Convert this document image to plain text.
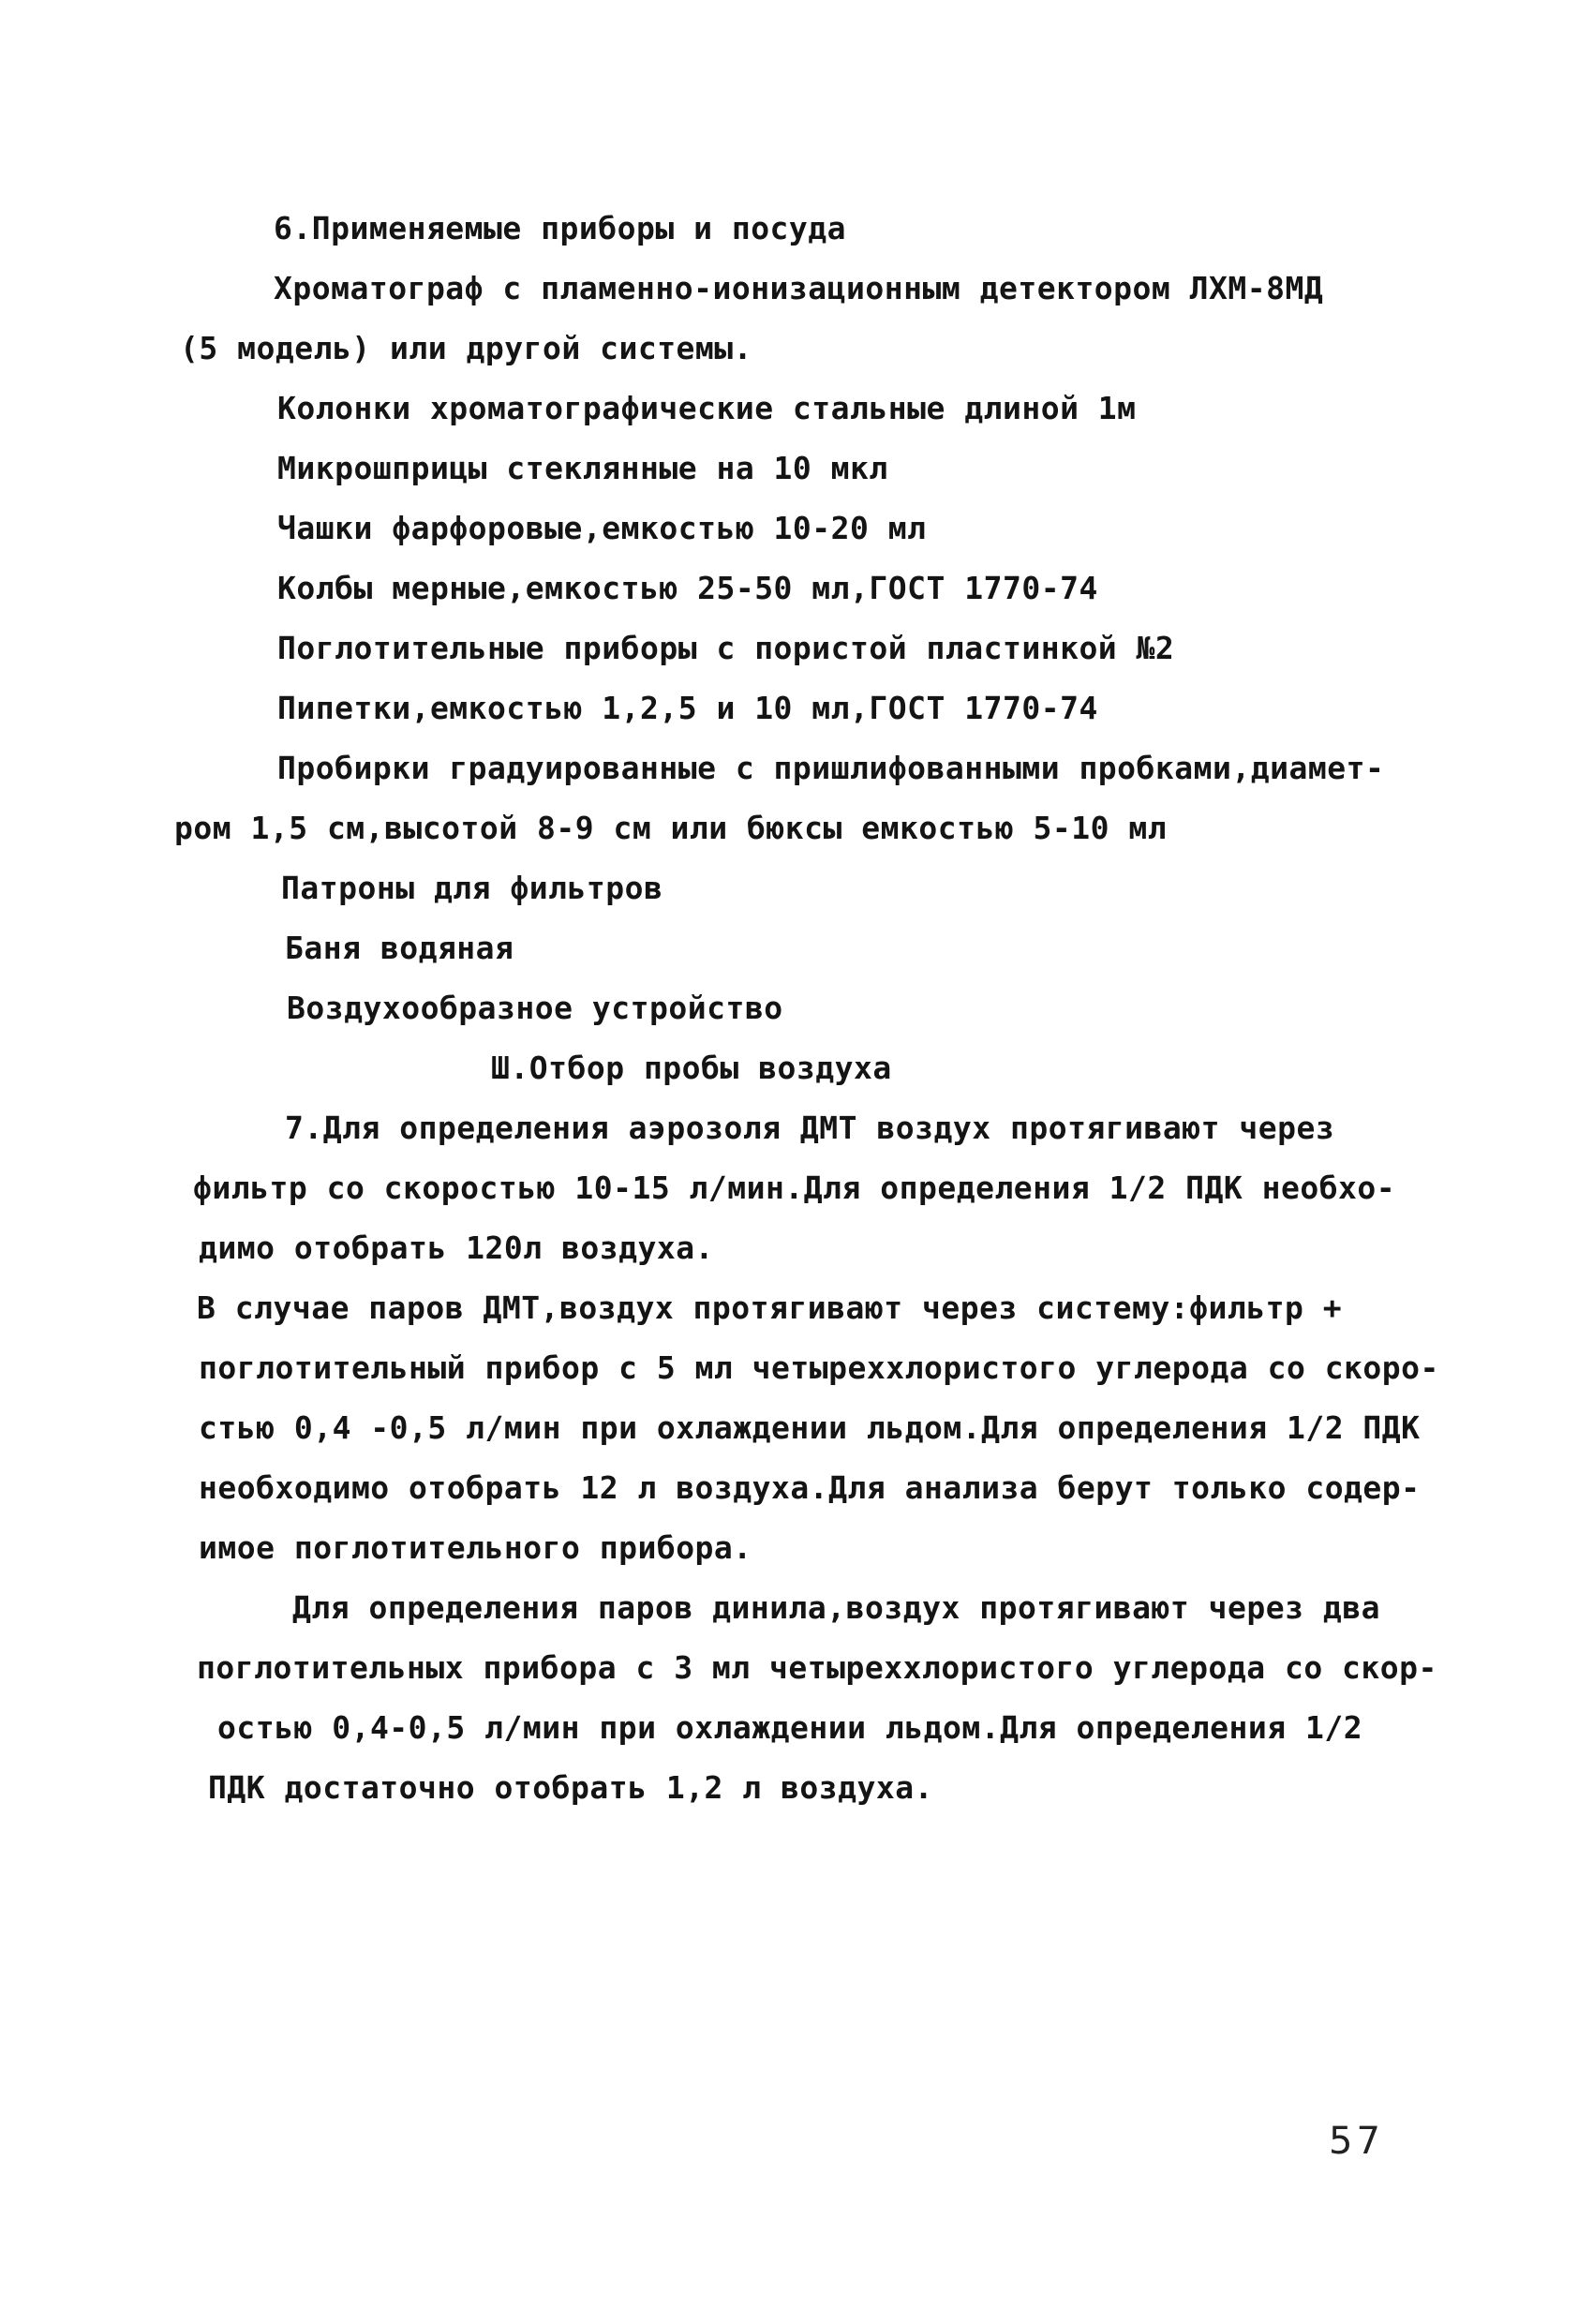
6.Применяемые приборы и посуда
Хроматограф с пламенно-ионизационным детектором ЛХМ-8МД
(5 модель) или другой системы.
Колонки хроматографические стальные длиной 1м
Микрошприцы стеклянные на 10 мкл
Чашки фарфоровые,емкостью 10-20 мл
Колбы мерные,емкостью 25-50 мл,ГОСТ 1770-74
Поглотительные приборы с пористой пластинкой №2
Пипетки,емкостью 1,2,5 и 10 мл,ГОСТ 1770-74
Пробирки градуированные с пришлифованными пробками,диамет-
ром 1,5 см,высотой 8-9 см или бюксы емкостью 5-10 мл
Патроны для фильтров
Баня водяная
Воздухообразное устройство
Ш.Отбор пробы воздуха
7.Для определения аэрозоля ДМТ воздух протягивают через
фильтр со скоростью 10-15 л/мин.Для определения 1/2 ПДК необхо-
димо отобрать 120л воздуха.
В случае паров ДМТ,воздух протягивают через систему:фильтр +
поглотительный прибор с 5 мл четыреххлористого углерода со скоро-
стью 0,4 -0,5 л/мин при охлаждении льдом.Для определения 1/2 ПДК
необходимо отобрать 12 л воздуха.Для анализа берут только содер-
имое поглотительного прибора.
Для определения паров динила,воздух протягивают через два
поглотительных прибора с 3 мл четыреххлористого углерода со скор-
остью 0,4-0,5 л/мин при охлаждении льдом.Для определения 1/2
ПДК достаточно отобрать 1,2 л воздуха.
57
